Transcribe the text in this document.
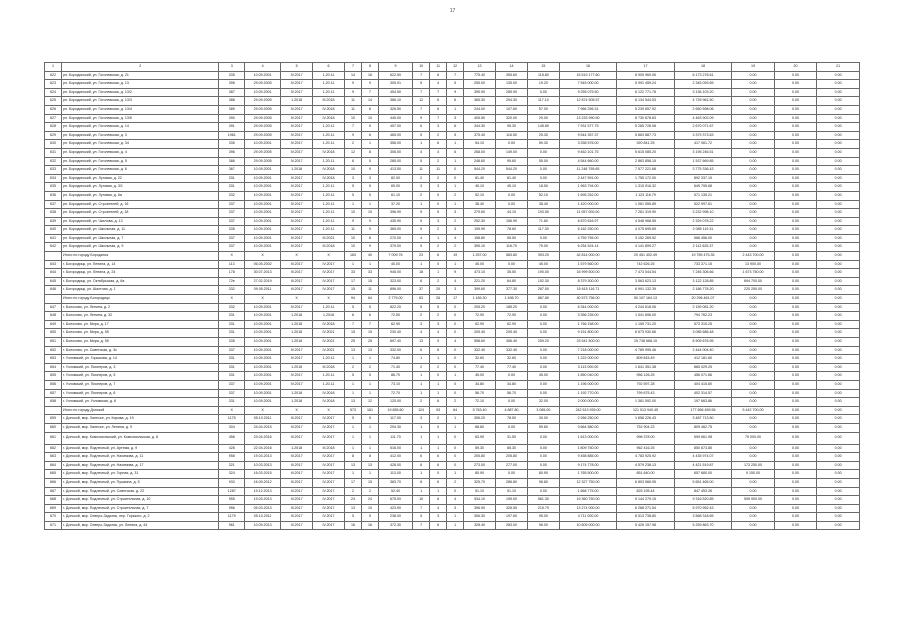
17
1	2	3	4	5	6	7	8	9	10	11	12	13	14	15	16	17	18	19	20	21
622	рп. Бородинский, ул. Гоголевская, д. 21	335	10.09.2001	IV.2017	1.20.11	14	16	622.50	7	6	7	775.40	355.60	118.80	15 519 177.60	8 905 969.06	6 173 276.61	0.00	0.00	0.00
623	рп. Бородинский, ул. Гоголевская, д. 13	396	29.09.2005	IV.2017	1.20.11	9	9	305.91	5	4	5	255.00	135.00	19.20	7 545 000.00	5 991 459.24	2 345 093.65	0.00	0.00	0.00
624	рп. Бородинский, ул. Гоголевская, д. 13/2	387	10.09.2001	IV.2017	1.20.11	9	7	454.50	7	7	9	395.90	285.90	0.00	9 255 075.50	6 122 771.78	3 136 103.20	0.00	0.00	0.00
625	рп. Бородинский, ул. Гоголевская, д. 13/3	388	29.09.2005	1.2018	III.2018	11	14	366.10	12	6	6	365.30	254.30	117.10	12 874 505.57	8 134 544.53	4 739 961.50	0.00	0.00	0.00
626	рп. Бородинский, ул. Гоголевская, д. 13/4	389	29.09.2005	IV.2017	IV.2018	11	6	326.50	7	6	1	244.00	107.60	57.00	7 966 256.31	5 239 657.92	2 650 598.06	0.00	0.00	0.00
627	рп. Бородинский, ул. Гоголевская, д. 13/5	390	29.09.2005	IV.2017	IV.2018	10	10	445.00	9	7	3	405.50	320.00	29.00	13 233 990.50	8 730 678.63	4 463 902.09	0.00	0.00	0.00
628	рп. Бородинский, ул. Гоголевская, д. 14	391	29.09.2005	IV.2017	1.20.11	7	5	457.00	6	3	6	344.30	95.30	145.80	7 931 577.75	5 265 728.08	2 670 071.67	0.00	0.00	0.00
629	рп. Бородинский, ул. Гоголевская, д. 3	1961	29.09.2005	IV.2017	1.20.11	9	6	465.00	5	2	5	375.40	116.50	25.30	9 544 357.37	5 663 887.73	3 379 373.63	0.00	0.00	0.00
630	рп. Бородинский, ул. Гоголевская, д. 34	335	10.09.2001	IV.2017	1.20.11	2	1	356.00	1	6	1	54.10	0.00	59.30	3 258 576.00	920 841.25	417 061.72	0.00	0.00	0.00
631	рп. Бородинский, ул. Гоголевская, д. 4	396	29.09.2005	IV.2017	IV.2018	12	8	306.00	4	4	6	268.00	149.00	0.00	9 462 101.75	5 615 085.20	3 195 246.51	0.00	0.00	0.00
632	рп. Бородинский, ул. Гоголевская, д. 5	386	29.09.2005	IV.2017	1.20.11	6	5	285.00	5	2	1	248.60	95.60	55.00	4 544 660.00	2 863 858.15	1 537 669.85	0.00	0.00	0.00
633	рп. Бородинский, ул. Гоголевская, д. 6	367	10.09.2001	1.2018	IV.2018	10	9	413.50	11	11	0	544.20	544.20	0.00	11 248 795.65	7 577 221.68	3 775 336.43	0.00	0.00	0.00
634	рп. Бородинский, ул. Луговая, д. 22	331	10.09.2001	IV.2017	IV.2018	3	3	82.00	2	2	0	81.40	81.40	0.00	2 447 591.00	1 755 172.00	892 337.15	0.00	0.00	0.00
635	рп. Бородинский, ул. Луговая, д. 3/1	331	10.09.2001	IV.2017	1.20.11	5	5	65.00	3	3	1	45.10	45.10	18.50	1 963 794.00	1 315 916.32	649 795.68	0.00	0.00	0.00
636	рп. Бородинский, ул. Луговая, д. 6а	332	10.09.2001	IV.2017	1.20.11	5	5	61.10	2	0	2	52.10	0.00	52.10	1 695 252.00	1 123 116.79	571 135.21	0.00	0.00	0.00
637	рп. Бородинский, ул. Строителей, д. 16	337	10.09.2001	IV.2017	1.20.11	1	1	37.20	1	0	1	38.40	0.00	38.40	1 420 000.00	1 061 555.89	522 997.61	0.00	0.00	0.00
638	рп. Бородинский, ул. Строителей, д. 18	337	10.09.2001	IV.2017	1.20.11	10	10	396.90	9	5	3	279.60	44.10	193.50	11 057 000.00	7 261 319.90	3 232 998.10	0.00	0.00	0.00
639	рп. Бородинский, ул. Чкалова, д. 13	337	10.09.2001	IV.2017	1.20.11	9	9	435.90	5	3	2	252.30	156.90	71.60	6 870 616.97	4 548 968.55	2 329 078.22	0.00	0.00	0.00
640	рп. Бородинский, ул. Школьная, д. 11	335	10.09.2001	IV.2017	1.20.11	11	9	365.00	5	2	3	195.90	78.60	117.30	6 162 250.00	4 075 695.69	2 085 119.31	0.00	0.00	0.00
641	рп. Бородинский, ул. Школьная, д. 7	337	10.09.2001	IV.2017	III.2021	10	8	270.00	4	1	4	158.80	55.50	0.00	4 759 755.00	3 152 269.52	566 456.00	0.00	0.00	0.00
642	рп. Бородинский, ул. Школьная, д. 9	337	10.09.2001	IV.2017	III.2018	10	9	379.00	5	2	2	395.10	116.70	75.00	6 254 524.14	4 141 899.27	2 112 625.37	0.00	0.00	0.00
	Итого по городу Бородинск	X	X	X	X	163	40	7 009.76	23	6	19	1 257.00	583.80	393.20	42 814 000.00	20 451 402.49	19 789 475.35	2 443 700.00	0.00	0.00
643	г. Богородицк, ул. Ленина, д. 14	113	06.05.2002	III.2017	IV.2017	1	1	40.00	1	0	1	45.00	0.00	45.00	1 579 560.00	742 626.25	733 371.15	13 900.00	0.00	0.00
644	г. Богородицк, ул. Ленина, д. 24	178	30.07.2013	III.2017	IV.2017	33	33	945.00	18	1	9	473.10	35.50	190.00	16 999 500.00	7 473 544.54	7 246 306.66	1 673 750.00	0.00	0.00
645	г. Богородицк, ул. Октябрьская, д. 6а	72е	27.02.2019	III.2017	IV.2017	17	15	323.00	6	2	4	221.20	64.80	152.30	8 379 300.00	3 563 623.13	3 122 128.85	694 700.00	0.00	0.00
646	г. Богородицк, ул. Шахтная, д. 1	332	09.05.2011	III.2017	IV.2017	15	11	896.00	37	20	3	399.60	377.30	267.50	15 615 116.71	6 991 132.39	2 186 778.20	220 250.00	0.00	0.00
	Итого по городу Богородицк	X	X	X	X	94	64	2 779.00	63	26	17	1 165.30	1 498.70	867.80	40 573 756.00	50 107 164.13	20 296 461.07	0.00	0.00	0.00
647	г. Болохово, ул. Ленина, д. 2	332	10.09.2001	IV.2017	1.20.11	5	5	822.20	5	5	0	205.20	185.20	0.00	6 344 000.00	4 244 618.06	2 159 081.20	0.00	0.00	0.00
648	г. Болохово, ул. Ленина, д. 32	331	10.09.2001	1.2018	1.2018	6	6	72.50	2	2	0	72.90	72.90	0.00	3 356 235.00	1 541 696.00	794 762.23	0.00	0.00	0.00
649	г. Болохово, ул. Мира, д. 17	331	10.09.2001	1.2018	IV.2018	7	7	62.90	3	3	0	62.90	62.90	0.00	1 766 158.00	1 159 731.20	573 315.25	0.00	0.00	0.00
650	г. Болохово, ул. Мира, д. 55	331	10.09.2001	1.2018	IV.2021	15	15	230.40	4	4	0	205.40	205.40	0.00	9 151 800.00	6 673 930.66	3 085 686.48	0.00	0.00	0.00
651	г. Болохово, ул. Мира, д. 55	335	10.09.2001	1.2018	IV.2021	25	25	897.40	13	9	4	558.60	456.40	259.20	23 541 500.00	15 738 668.15	8 909 676.95	0.00	0.00	0.00
652	г. Болохово, ул. Советская, д. 3с	337	10.09.2001	IV.2017	IV.2021	13	13	332.00	6	6	0	332.40	332.40	0.00	7 218 000.00	4 789 995.46	2 444 004.40	0.00	0.00	0.00
653	г. Узловский, ул. Горшкова, д. 14	331	10.09.2001	IV.2017	1.20.11	1	1	74.80	1	1	0	32.60	32.60	0.00	1 222 000.00	809 815.49	412 181.60	0.00	0.00	0.00
654	г. Узловский, ул. Пионеров, д. 3	331	10.09.2001	1.2018	III.2018	2	2	71.40	2	2	0	77.40	77.40	0.00	3 113 000.00	1 641 351.38	865 029.25	0.00	0.00	0.00
655	г. Узловский, ул. Пионеров, д. 5	331	10.09.2001	IV.2017	1.20.11	5	5	86.70	1	0	1	45.00	0.00	45.00	1 850 040.00	956 126.25	456 071.66	0.00	0.00	0.00
656	г. Узловский, ул. Пионеров, д. 7	337	10.09.2001	IV.2017	1.20.11	1	1	73.10	1	1	0	34.80	34.80	0.00	1 196 000.00	792 597.28	404 415.80	0.00	0.00	0.00
657	г. Узловский, ул. Пионеров, д. 8	337	10.09.2001	1.2018	IV.2018	1	1	72.70	1	1	0	56.70	56.70	0.00	1 192 770.00	799 675.43	402 314.57	0.00	0.00	0.00
658	г. Узловский, ул. Узловская, д. 6	331	10.09.2001	1.2018	IV.2018	13	12	120.00	2	6	2	72.10	0.00	32.00	2 000 000.00	1 381 592.00	197 663.86	0.00	0.00	0.00
	Итого по городу Донской	X	X	X	X	573	161	19 655.60	124	93	64	5 763.40	4 887.80	3 065.00	242 513 939.00	121 513 940.45	177 656 459.56	5 442 700.00	0.00	0.00
659	г. Донской, мкр. Залесье, ул. Кирова, д. 19	1175	05.10.2011	III.2017	IV.2017	5	5	117.00	3	2	1	306.20	78.50	30.00	2 266 250.00	1 658 226.43	3 487 713.50	0.00	0.00	0.00
660	г. Донской, мкр. Залесье, ул. Ленина, д. 9	304	24.04.2015	III.2017	IV.2017	1	1	294.30	1	0	1	68.60	0.00	59.60	3 664 580.00	752 904.23	809 462.75	0.00	0.00	0.00
661	г. Донской, мкр. Комсомольский, ул. Комсомольская, д. 8	456	23.04.2016	III.2017	IV.2017	1	1	111.70	1	1	0	63.90	31.50	0.00	1 613 000.00	998 378.00	599 661.98	79 000.00	0.00	0.00
662	г. Донской, мкр. Подлесный, ул. Артема, д. 9	428	22.04.2016	1.2018	III.2018	1	1	516.00	1	1	0	59.30	85.30	0.00	1 809 750.00	962 416.25	850 673.85	0.00	0.00	0.00
663	г. Донской, мкр. Подлесный, ул. Нахимова, д. 11	958	19.03.2013	III.2017	IV.2017	8	8	412.00	6	6	0	205.80	205.80	0.00	9 458 885.00	4 783 925.92	4 435 974.07	0.00	0.00	0.00
664	г. Донской, мкр. Подлесный, ул. Нахимова, д. 17	321	10.03.2013	III.2017	IV.2017	13	13	428.00	6	6	0	273.00	277.00	0.00	9 174 778.00	4 579 238.13	4 421 519.87	173 250.00	0.00	0.00
665	г. Донской, мкр. Подлесный, ул. Горная, д. 31	324	16.03.2015	III.2017	IV.2017	1	1	113.00	1	0	1	80.90	0.00	80.90	1 765 500.00	851 640.00	657 680.00	9 150.00	0.00	0.00
666	г. Донской, мкр. Подлесный, ул. Пушкина, д. 5	933	16.09.2012	III.2017	IV.2017	17	15	383.70	8	6	2	325.70	286.80	98.80	12 327 750.00	6 803 566.95	5 651 465.00	0.00	0.00	0.00
667	г. Донской, мкр. Подлесный, ул. Советская, д. 22	1287	19.12.2013	III.2017	IV.2017	2	2	52.40	1	1	0	51.10	51.10	0.00	1 668 775.00	825 195.44	847 453.26	0.00	0.00	0.00
668	г. Донской, мкр. Подлесный, ул. Строительная, д. 10	955	19.03.2013	III.2017	IV.2017	24	24	675.00	10	6	4	534.10	195.00	561.30	19 360 750.00	9 144 279.15	9 316 520.85	595 900.00	0.00	0.00
669	г. Донской, мкр. Подлесный, ул. Строительная, д. 7	956	05.03.2013	III.2017	IV.2017	13	10	423.90	7	4	3	396.90	326.55	215.70	13 274 000.00	6 268 271.54	5 970 992.43	0.00	0.00	0.00
670	г. Донской, мкр. Северо-Задонск, пер. Горького, д. 2	1179	05.10.2011	III.2017	IV.2017	5	5	238.00	5	3	1	306.30	197.60	95.00	4 711 000.00	8 513 738.80	3 568 318.65	0.00	0.00	0.00
671	г. Донской, мкр. Северо-Задонск, ул. Ленина, д. 44	961	10.09.2013	III.2017	IV.2017	16	16	372.30	7	6	1	328.40	283.00	98.00	10 609 000.00	5 426 157.98	5 259 863.70	0.00	0.00	0.00
